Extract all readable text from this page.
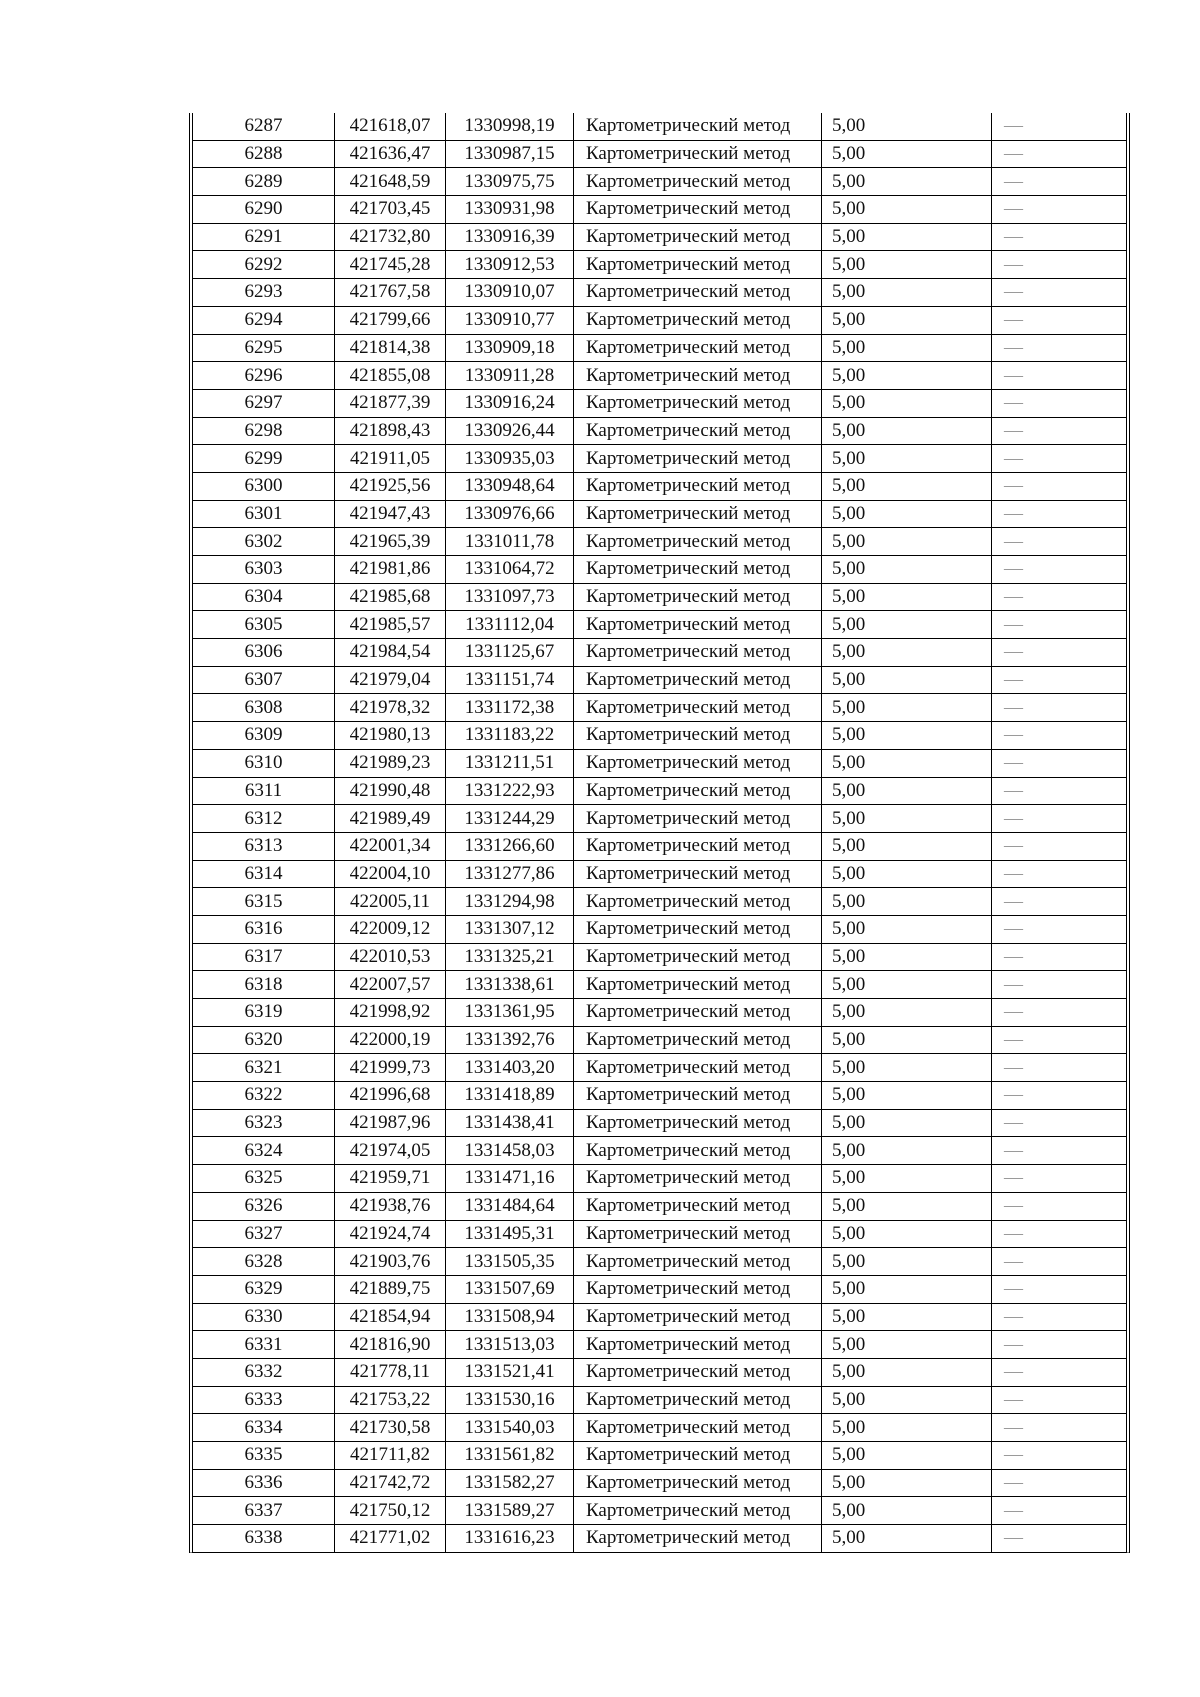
6287	421618,07	1330998,19	Картометрический метод	5,00	—
6288	421636,47	1330987,15	Картометрический метод	5,00	—
6289	421648,59	1330975,75	Картометрический метод	5,00	—
6290	421703,45	1330931,98	Картометрический метод	5,00	—
6291	421732,80	1330916,39	Картометрический метод	5,00	—
6292	421745,28	1330912,53	Картометрический метод	5,00	—
6293	421767,58	1330910,07	Картометрический метод	5,00	—
6294	421799,66	1330910,77	Картометрический метод	5,00	—
6295	421814,38	1330909,18	Картометрический метод	5,00	—
6296	421855,08	1330911,28	Картометрический метод	5,00	—
6297	421877,39	1330916,24	Картометрический метод	5,00	—
6298	421898,43	1330926,44	Картометрический метод	5,00	—
6299	421911,05	1330935,03	Картометрический метод	5,00	—
6300	421925,56	1330948,64	Картометрический метод	5,00	—
6301	421947,43	1330976,66	Картометрический метод	5,00	—
6302	421965,39	1331011,78	Картометрический метод	5,00	—
6303	421981,86	1331064,72	Картометрический метод	5,00	—
6304	421985,68	1331097,73	Картометрический метод	5,00	—
6305	421985,57	1331112,04	Картометрический метод	5,00	—
6306	421984,54	1331125,67	Картометрический метод	5,00	—
6307	421979,04	1331151,74	Картометрический метод	5,00	—
6308	421978,32	1331172,38	Картометрический метод	5,00	—
6309	421980,13	1331183,22	Картометрический метод	5,00	—
6310	421989,23	1331211,51	Картометрический метод	5,00	—
6311	421990,48	1331222,93	Картометрический метод	5,00	—
6312	421989,49	1331244,29	Картометрический метод	5,00	—
6313	422001,34	1331266,60	Картометрический метод	5,00	—
6314	422004,10	1331277,86	Картометрический метод	5,00	—
6315	422005,11	1331294,98	Картометрический метод	5,00	—
6316	422009,12	1331307,12	Картометрический метод	5,00	—
6317	422010,53	1331325,21	Картометрический метод	5,00	—
6318	422007,57	1331338,61	Картометрический метод	5,00	—
6319	421998,92	1331361,95	Картометрический метод	5,00	—
6320	422000,19	1331392,76	Картометрический метод	5,00	—
6321	421999,73	1331403,20	Картометрический метод	5,00	—
6322	421996,68	1331418,89	Картометрический метод	5,00	—
6323	421987,96	1331438,41	Картометрический метод	5,00	—
6324	421974,05	1331458,03	Картометрический метод	5,00	—
6325	421959,71	1331471,16	Картометрический метод	5,00	—
6326	421938,76	1331484,64	Картометрический метод	5,00	—
6327	421924,74	1331495,31	Картометрический метод	5,00	—
6328	421903,76	1331505,35	Картометрический метод	5,00	—
6329	421889,75	1331507,69	Картометрический метод	5,00	—
6330	421854,94	1331508,94	Картометрический метод	5,00	—
6331	421816,90	1331513,03	Картометрический метод	5,00	—
6332	421778,11	1331521,41	Картометрический метод	5,00	—
6333	421753,22	1331530,16	Картометрический метод	5,00	—
6334	421730,58	1331540,03	Картометрический метод	5,00	—
6335	421711,82	1331561,82	Картометрический метод	5,00	—
6336	421742,72	1331582,27	Картометрический метод	5,00	—
6337	421750,12	1331589,27	Картометрический метод	5,00	—
6338	421771,02	1331616,23	Картометрический метод	5,00	—
